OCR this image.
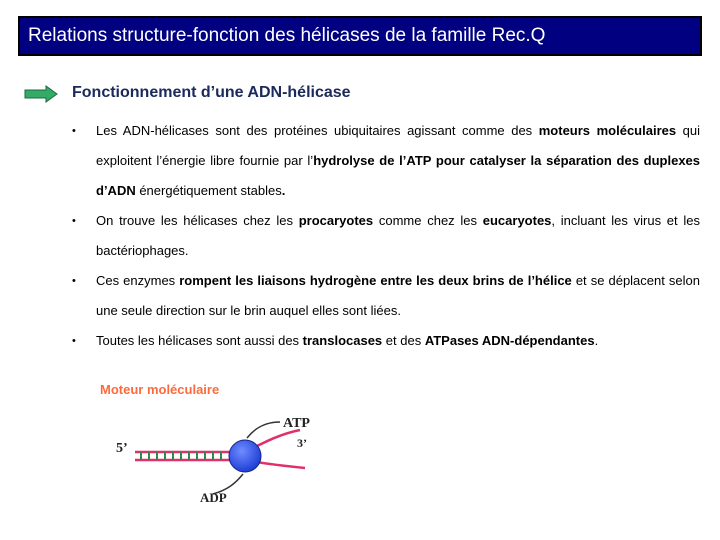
Relations structure-fonction des hélicases de la famille Rec.Q
Fonctionnement d’une ADN-hélicase
• Les ADN-hélicases sont des protéines ubiquitaires agissant comme des moteurs moléculaires qui exploitent l’énergie libre fournie par l’hydrolyse de l’ATP pour catalyser la séparation des duplexes d’ADN énergétiquement stables.
• On trouve les hélicases chez les procaryotes comme chez les eucaryotes, incluant les virus et les bactériophages.
• Ces enzymes rompent les liaisons hydrogène entre les deux brins de l’hélice et se déplacent selon une seule direction sur le brin auquel elles sont liées.
• Toutes les hélicases sont aussi des translocases et des ATPases ADN-dépendantes.
Moteur moléculaire
ATP
3’
5’
ADP
